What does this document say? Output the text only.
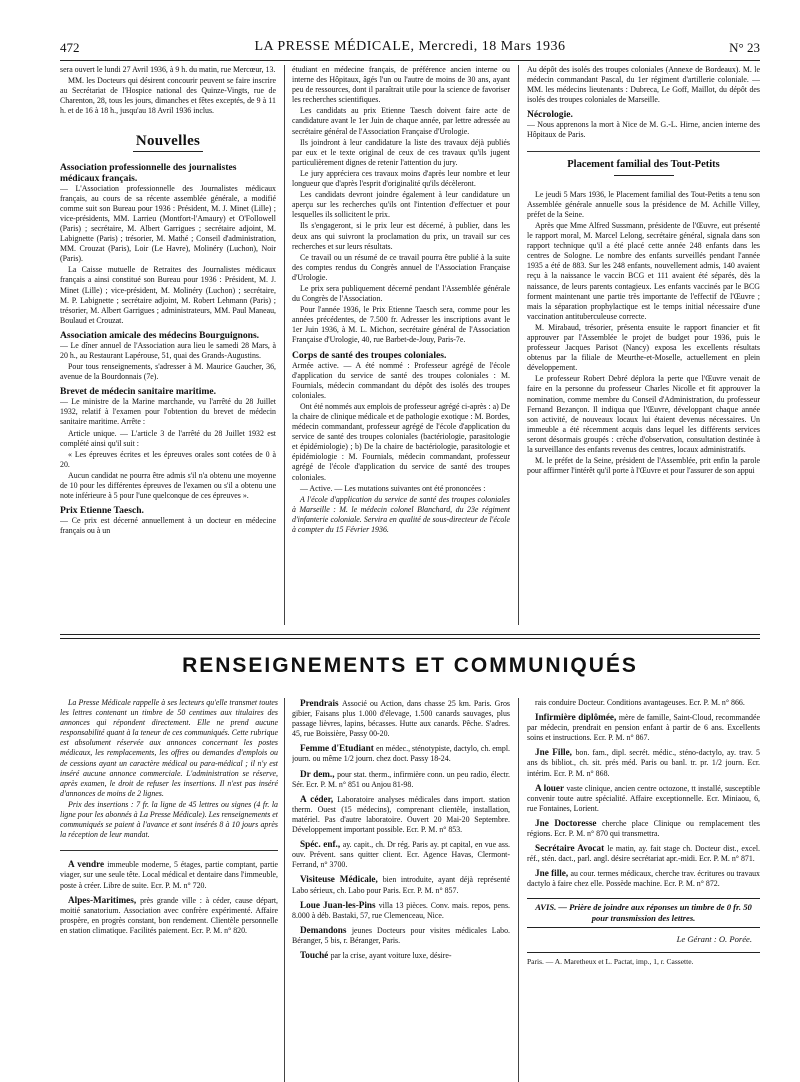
472	LA PRESSE MÉDICALE, Mercredi, 18 Mars 1936	N° 23

sera ouvert le lundi 27 Avril 1936, à 9 h. du matin, rue Mercœur, 13.

MM. les Docteurs qui désirent concourir peuvent se faire inscrire au Secrétariat de l'Hospice national des Quinze-Vingts, rue de Charenton, 28, tous les jours, dimanches et fêtes exceptés, de 9 à 11 h. et de 16 à 18 h., jusqu'au 18 Avril 1936 inclus.

Nouvelles
Association professionnelle des journalistes médicaux français.

— L'Association professionnelle des Journalistes médicaux français, au cours de sa récente assemblée générale, a modifié comme suit son Bureau pour 1936 : Président, M. J. Minet (Lille) ; vice-présidents, MM. Larrieu (Montfort-l'Amaury) et O'Followell (Paris) ; secrétaire, M. Albert Garrigues ; secrétaire adjoint, M. Labignette (Paris) ; trésorier, M. Mathé ; Conseil d'administration, MM. Crouzat (Paris), Loir (Le Havre), Molinéry (Luchon), Noir (Paris).

La Caisse mutuelle de Retraites des Journalistes médicaux français a ainsi constitué son Bureau pour 1936 : Président, M. J. Minet (Lille) ; vice-président, M. Molinéry (Luchon) ; secrétaire, M. P. Labignette ; secrétaire adjoint, M. Robert Lehmann (Paris) ; trésorier, M. Albert Garrigues ; administrateurs, MM. Paul Maneau, Boulaud et Crouzat.

Association amicale des médecins Bourguignons.

— Le dîner annuel de l'Association aura lieu le samedi 28 Mars, à 20 h., au Restaurant Lapérouse, 51, quai des Grands-Augustins.

Pour tous renseignements, s'adresser à M. Maurice Gaucher, 36, avenue de la Bourdonnais (7e).

Brevet de médecin sanitaire maritime.

— Le ministre de la Marine marchande, vu l'arrêté du 28 Juillet 1932, relatif à l'examen pour l'obtention du brevet de médecin sanitaire maritime. Arrête :

Article unique. — L'article 3 de l'arrêté du 28 Juillet 1932 est complété ainsi qu'il suit :

« Les épreuves écrites et les épreuves orales sont cotées de 0 à 20.

Aucun candidat ne pourra être admis s'il n'a obtenu une moyenne de 10 pour les différentes épreuves de l'examen ou s'il a obtenu une note inférieure à 5 pour l'une quelconque de ces épreuves ».

Prix Etienne Taesch.

— Ce prix est décerné annuellement à un docteur en médecine français ou à un

étudiant en médecine français, de préférence ancien interne ou interne des Hôpitaux, âgés l'un ou l'autre de moins de 30 ans, ayant peu de ressources, dont il paraîtrait utile pour la science de favoriser les recherches scientifiques.

Les candidats au prix Etienne Taesch doivent faire acte de candidature avant le 1er Juin de chaque année, par lettre adressée au secrétaire général de l'Association Française d'Urologie.

Ils joindront à leur candidature la liste des travaux déjà publiés par eux et le texte original de ceux de ces travaux qu'ils jugent particulièrement dignes de retenir l'attention du jury.

Le jury appréciera ces travaux moins d'après leur nombre et leur longueur que d'après l'esprit d'originalité qu'ils décèleront.

Les candidats devront joindre également à leur candidature un aperçu sur les recherches qu'ils ont l'intention d'effectuer et pour lesquelles ils sollicitent le prix.

Ils s'engageront, si le prix leur est décerné, à publier, dans les deux ans qui suivront la proclamation du prix, un travail sur ces recherches et sur leurs résultats.

Ce travail ou un résumé de ce travail pourra être publié à la suite des comptes rendus du Congrès annuel de l'Association Française d'Urologie.

Le prix sera publiquement décerné pendant l'Assemblée générale du Congrès de l'Association.

Pour l'année 1936, le Prix Etienne Taesch sera, comme pour les années précédentes, de 7.500 fr. Adresser les inscriptions avant le 1er Juin 1936, à M. L. Michon, secrétaire général de l'Association Française d'Urologie, 40, rue Barbet-de-Jouy, Paris-7e.

Corps de santé des troupes coloniales.

Armée active. — A été nommé : Professeur agrégé de l'école d'application du service de santé des troupes coloniales : M. Fournials, médecin commandant du dépôt des isolés des troupes coloniales.

Ont été nommés aux emplois de professeur agrégé ci-après : a) De la chaire de clinique médicale et de pathologie exotique : M. Bordes, médecin commandant, professeur agrégé de l'école d'application du service de santé des troupes coloniales (bactériologie, parasitologie et épidémiologie) ; b) De la chaire de bactériologie, parasitologie et épidémiologie : M. Fournials, médecin commandant, professeur agrégé de l'école d'application du service de santé des troupes coloniales.

— Active. — Les mutations suivantes ont été prononcées :

A l'école d'application du service de santé des troupes coloniales à Marseille : M. le médecin colonel Blanchard, du 23e régiment d'infanterie coloniale. Servira en qualité de sous-directeur de l'école à compter du 15 Février 1936.

Au dépôt des isolés des troupes coloniales (Annexe de Bordeaux). M. le médecin commandant Pascal, du 1er régiment d'artillerie coloniale. — MM. les médecins lieutenants : Dubreca, Le Goff, Maillot, du dépôt des isolés des troupes coloniales de Marseille.

Nécrologie.

— Nous apprenons la mort à Nice de M. G.-L. Hirne, ancien interne des Hôpitaux de Paris.

Placement familial des Tout-Petits

Le jeudi 5 Mars 1936, le Placement familial des Tout-Petits a tenu son Assemblée générale annuelle sous la présidence de M. Achille Villey, préfet de la Seine.

Après que Mme Alfred Sussmann, présidente de l'Œuvre, eut présenté le rapport moral, M. Marcel Lelong, secrétaire général, signala dans son rapport technique qu'il a été placé cette année 248 enfants dans les centres de Sologne. Le nombre des enfants surveillés pendant l'année 1935 a été de 883. Sur les 248 enfants, nouvellement admis, 140 avaient reçu à la naissance le vaccin BCG et 111 avaient été séparés, dès la naissance, de leurs parents contagieux. Les enfants vaccinés par le BCG forment maintenant une partie très importante de l'effectif de l'Œuvre ; mais la séparation prophylactique est le temps initial nécessaire d'une vaccination antituberculeuse correcte.

M. Mirabaud, trésorier, présenta ensuite le rapport financier et fit approuver par l'Assemblée le projet de budget pour 1936, puis le professeur Jacques Parisot (Nancy) exposa les excellents résultats obtenus par la filiale de Meurthe-et-Moselle, actuellement en plein développement.

Le professeur Robert Debré déplora la perte que l'Œuvre venait de faire en la personne du professeur Charles Nicolle et fit approuver la nomination, comme membre du Conseil d'Administration, du professeur Fernand Bezançon. Il indiqua que l'Œuvre, développant chaque année son activité, de nouveaux locaux lui étaient devenus nécessaires. Un immeuble a été récemment acquis dans lequel les différents services seront désormais groupés : crèche d'observation, consultation destinée à la surveillance des enfants revenus des centres, locaux administratifs.

M. le préfet de la Seine, président de l'Assemblée, prit enfin la parole pour affirmer l'intérêt qu'il porte à l'Œuvre et pour l'assurer de son appui

RENSEIGNEMENTS ET COMMUNIQUÉS

La Presse Médicale rappelle à ses lecteurs qu'elle transmet toutes les lettres contenant un timbre de 50 centimes aux titulaires des annonces qui répondent directement. Elle ne prend aucune responsabilité quant à la teneur de ces communiqués. Cette rubrique est absolument réservée aux annonces concernant les postes médicaux, les remplacements, les offres ou demandes d'emplois ou de cessions ayant un caractère médical ou para-médical ; il n'y est inséré aucune annonce commerciale. L'administration se réserve, après examen, le droit de refuser les insertions. Il n'est pas inséré d'annonces de moins de 2 lignes.

Prix des insertions : 7 fr. la ligne de 45 lettres ou signes (4 fr. la ligne pour les abonnés à La Presse Médicale). Les renseignements et communiqués se paient à l'avance et sont insérés 8 à 10 jours après la réception de leur mandat.

A vendre immeuble moderne, 5 étages, partie comptant, partie viager, sur une seule tête. Local médical et dentaire dans l'immeuble, poste à créer. Libre de suite. Ecr. P. M. n° 720.

Alpes-Maritimes, près grande ville : à céder, cause départ, moitié sanatorium. Association avec confrère expérimenté. Affaire prospère, en progrès constant, bon rendement. Clientèle personnelle en station climatique. Facilités paiement. Ecr. P. M. n° 820.

Prendrais Associé ou Action, dans chasse 25 km. Paris. Gros gibier, Faisans plus 1.000 d'élevage, 1.500 canards sauvages, plus passage lièvres, lapins, bécasses. Hutte aux canards. Pêche. S'adres. 45, rue Boissière, Passy 00-20.

Femme d'Etudiant en médec., sténotypiste, dactylo, ch. empl. journ. ou même 1/2 journ. chez doct. Passy 18-24.

Dr dem., pour stat. therm., infirmière conn. un peu radio, électr. Sér. Ecr. P. M. n° 851 ou Anjou 81-98.

A céder, Laboratoire analyses médicales dans import. station therm. Ouest (15 médecins), comprenant clientèle, installation, matériel. Pas d'autre laboratoire. Ouvert 20 Mai-20 Septembre. Développement important possible. Ecr. P. M. n° 853.

Spéc. enf., ay. capit., ch. Dr rég. Paris ay. pt capital, en vue ass. ouv. Prévent. sans quitter client. Ecr. Agence Havas, Clermont-Ferrand, n° 3700.

Visiteuse Médicale, bien introduite, ayant déjà représenté Labo sérieux, ch. Labo pour Paris. Ecr. P. M. n° 857.

Loue Juan-les-Pins villa 13 pièces. Conv. mais. repos, pens. 8.000 à déb. Bastaki, 57, rue Clemenceau, Nice.

Demandons jeunes Docteurs pour visites médicales Labo. Béranger, 5 bis, r. Béranger, Paris.

Touché par la crise, ayant voiture luxe, désire-

rais conduire Docteur. Conditions avantageuses. Ecr. P. M. n° 866.

Infirmière diplômée, mère de famille, Saint-Cloud, recommandée par médecin, prendrait en pension enfant à partir de 6 ans. Excellents soins et instructions. Ecr. P. M. n° 867.

Jne Fille, bon. fam., dipl. secrét. médic., sténo-dactylo, ay. trav. 5 ans ds bibliot., ch. sit. prés méd. Paris ou banl. tr. pr. 1/2 journ. Ecr. intérim. Ecr. P. M. n° 868.

A louer vaste clinique, ancien centre octozone, tt installé, susceptible convenir toute autre spécialité. Affaire exceptionnelle. Ecr. Miniaou, 6, rue Fontaines, Lorient.

Jne Doctoresse cherche place Clinique ou remplacement tles régions. Ecr. P. M. n° 870 qui transmettra.

Secrétaire Avocat le matin, ay. fait stage ch. Docteur dist., excel. réf., stén. dact., parl. angl. désire secrétariat apr.-midi. Ecr. P. M. n° 871.

Jne fille, au cour. termes médicaux, cherche trav. écritures ou travaux dactylo à faire chez elle. Possède machine. Ecr. P. M. n° 872.

AVIS. — Prière de joindre aux réponses un timbre de 0 fr. 50 pour transmission des lettres.
Le Gérant : O. Porée.
Paris. — A. Maretheux et L. Pactat, imp., 1, r. Cassette.
